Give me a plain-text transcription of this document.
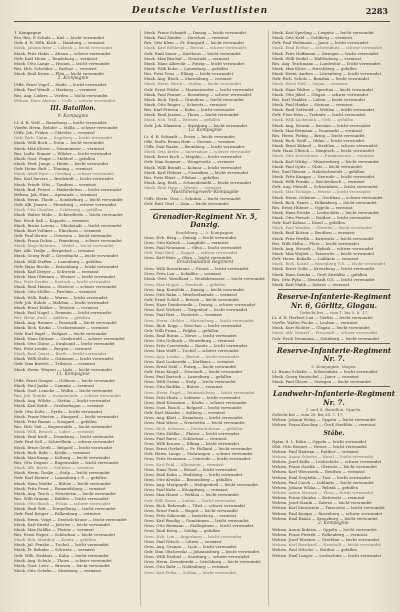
Deutsche Verlustlisten	2283
1. Kompagnie
Ers.-Res. P. Schulz — Kiel — leicht verwundet
Gefr. d. R. Wilh. Koch — Hamburg — vermisst
Musk. Johann Beer — Lübeck — leicht verwundet
Musk. Fritz Hahn — Altona — schwer verwundet
Gefr. Karl Meier — Rendsburg — vermisst
Musk. Otto Lange — Husum — leicht verwundet
Res. Hch. Schröder — Itzehoe — vermisst
Musk. Emil Kruse — Plön — leicht verwundet
2. Kompagnie
Utffz. Ernst Vogel — Stade — leicht verwundet
Musk. Paul Wendt — Harburg — vermisst
Res. Aug. Lüders — Verden — leicht verwundet
Wehrm. Hans Ahrens — Celle — schwer verwundet
III. Bataillon.
9. Kompagnie
Lt. d. R. Wolf — Ratzeburg — leicht verwundet
Vizefw. Herm. Rehder — Mölln — schwer verwundet
Utffz. Joh. Frahm — Oldesloe — vermisst
Gefr. Rich. Timm — Segeberg — leicht verwundet
Musk. Willi Bock — Eutin — leicht verwundet
Musk. Max Klüver — Neumünster — vermisst
Res. Ludw. Stamer — Wilster — leicht verwundet
Musk. Gust. Paape — Meldorf — gefallen
Musk. Ferd. Junge — Heide — leicht verwundet
Gefr. Heinr. Butt — Tönning — vermisst
Musk. Adolf Rave — Garding — schwer verwundet
Res. Karl Sievers — Bredstedt — leicht verwundet
Musk. Friedr. Witt — Tondern — vermisst
Musk. Rud. Peters — Hadersleben — leicht verwundet
Wehrm. Jak. Hinz — Apenrade — vermisst
Musk. Herm. Thode — Sonderburg — leicht verwundet
Gefr. Alb. Jensen — Flensburg — schwer verwundet
Musk. Otto Claußen — Schleswig — gefallen
Musk. Walter Mohr — Eckernförde — leicht verwundet
Res. Erich Saß — Kappeln — vermisst
Musk. Bruno Lorenz — Glückstadt — leicht verwundet
Musk. Kurt Vollmer — Elmshorn — vermisst
Gefr. Paul Struve — Uetersen — leicht verwundet
Musk. Franz Dohse — Pinneberg — schwer verwundet
Musk. Hugo Behrens — Wedel — leicht verwundet
Res. Alfr. Tiedje — Bergedorf — vermisst
Musk. Georg Wulf — Geesthacht — leicht verwundet
Musk. Willi Steffen — Lauenburg — gefallen
Gefr. Hans Riecke — Boizenburg — leicht verwundet
Musk. Karl Dreyer — Schwerin — vermisst
Musk. Max Oltmann — Wismar — leicht verwundet
Res. Fritz Gerdes — Rostock — leicht verwundet
Musk. Emil Harms — Güstrow — schwer verwundet
Musk. Otto Möller — Parchim — vermisst
Musk. Wilh. Bade — Waren — leicht verwundet
Gefr. Joh. Rohde — Malchin — leicht verwundet
Musk. Ernst Kähler — Teterow — vermisst
Musk. Paul Nagel — Demmin — leicht verwundet
Res. Heinr. Zech — Anklam — gefallen
Musk. Aug. Bremer — Pasewalk — leicht verwundet
Musk. Rich. Krohn — Ueckermünde — vermisst
Gefr. Karl Pagel — Wolgast — leicht verwundet
Musk. Hans Dittmer — Greifswald — schwer verwundet
Musk. Otto Gliese — Stralsund — leicht verwundet
Res. Fritz Lemke — Bergen — vermisst
Musk. Emil Quast — Barth — leicht verwundet
Musk. Willi Stoltz — Grimmen — leicht verwundet
Gefr. Max Bartels — Tribsees — vermisst
Musk. Herm. Wegner — Loitz — leicht verwundet
11. Kompagnie
Utffz. Ernst Gauger — Gollnow — leicht verwundet
Musk. Paul Janke — Cammin — vermisst
Musk. Gust. Lemcke — Wollin — leicht verwundet
Res. Joh. Reinke — Swinemünde — schwer verwundet
Musk. Aug. Wilcke — Stettin — leicht verwundet
Musk. Karl Boldt — Greifenhagen — vermisst
Gefr. Otto Koltz — Pyritz — leicht verwundet
Musk. Franz Marten — Stargard — leicht verwundet
Musk. Fritz Ramm — Naugard — gefallen
Res. Hch. Voß — Regenwalde — leicht verwundet
Musk. Wilh. Brüsch — Labes — vermisst
Musk. Emil Kroll — Dramburg — leicht verwundet
Gefr. Paul Sell — Schivelbein — schwer verwundet
Musk. Ernst Groth — Belgard — leicht verwundet
Musk. Rich. Bahr — Köslin — vermisst
Musk. Max Kamp — Kolberg — leicht verwundet
Res. Otto Degner — Rügenwalde — leicht verwundet
Musk. Alb. Beyer — Schlawe — vermisst
Musk. Herm. Duske — Stolp — leicht verwundet
Gefr. Karl Ziemer — Lauenburg i. P. — gefallen
Musk. Hans Mielke — Bütow — leicht verwundet
Musk. Fritz Prust — Rummelsburg — vermisst
Musk. Aug. Tesch — Neustettin — leicht verwundet
Res. Willi Gramm — Bublitz — leicht verwundet
Musk. Otto Rusch — Polzin — schwer verwundet
Musk. Emil Witt — Tempelburg — leicht verwundet
Gefr. Paul Krüger — Falkenburg — vermisst
Musk. Herm. Voigt — Deutsch-Krone — leicht verwundet
Musk. Karl Strehl — Jastrow — leicht verwundet
Musk. Max Dahlke — Flatow — vermisst
Res. Ernst Pieper — Schlochau — leicht verwundet
Musk. Rob. Manthey — Konitz — gefallen
Musk. Jul. Fenske — Tuchel — leicht verwundet
Musk. Fr. Behnke — Schwetz — vermisst
Gefr. Wilh. Raddatz — Kulm — leicht verwundet
Musk. Aug. Schulz — Thorn — schwer verwundet
Musk. Gust. Lietz — Briesen — leicht verwundet
Musk. Otto Gehrke — Strasburg — vermisst
Musk. Franz Schmidt — Danzig — leicht verwundet
Musk. Paul Zander — Dirschau — vermisst
Res. Otto Klein — Pr. Stargard — leicht verwundet
Musk. Karl Rehberg — Berent — schwer verwundet
Gefr. Emil Sauer — Karthaus — leicht verwundet
Musk. Max Bischof — Neustadt — vermisst
Musk. Hans Albrecht — Putzig — leicht verwundet
Musk. Willi Kuhn — Lauenburg — gefallen
Res. Fritz Tews — Elbing — leicht verwundet
Musk. Aug. Block — Marienburg — vermisst
Musk. Herm. Rieck — Stuhm — leicht verwundet
Gefr. Ernst Wiebe — Marienwerder — leicht verwundet
Musk. Paul Penner — Rosenberg — schwer verwundet
Musk. Rich. Dyck — Graudenz — leicht verwundet
Musk. Otto Regier — Schwetz — vermisst
Res. Karl Friesen — Kulm — leicht verwundet
Musk. Emil Janzen — Thorn — leicht verwundet
Musk. Hch. Wall — Briesen — gefallen
Gefr. Joh. Klaassen — Strasburg — leicht verwundet
12. Kompagnie
Lt. d. R. Schmidt — Posen — leicht verwundet
Offz.-Stellv. Bruno Hein — Gnesen — vermisst
Utffz. Paul Raabe — Bromberg — leicht verwundet
Musk. Otto Krebs — Inowrazlaw — schwer verwundet
Musk. Ernst Koch — Mogilno — leicht verwundet
Gefr. Max Sommer — Wongrowitz — vermisst
Musk. Willi Brandt — Kolmar — leicht verwundet
Musk. Karl Hübner — Czarnikau — leicht verwundet
Res. Fritz Ebert — Filehne — gefallen
Musk. Aug. Roth — Schneidemühl — leicht verwundet
Musk. Emil Horn — Wirsitz — vermisst
Maschinengewehr-Kompagnie
Utffz. Herm. Voss — Schubin — leicht verwundet
Gefr. Rud. Graf — Znin — leicht verwundet
Grenadier-Regiment Nr. 5, Danzig.
Rendsburg. — 5. Kompagnie.
Gren. Hch. Berg — Danzig — leicht verwundet
Gren. Otto Kalisch — Langfuhr — vermisst
Gren. Paul Neumann — Oliva — leicht verwundet
Gefr. Emil Rieß — Zoppot — schwer verwundet
Gren. Karl Matz — Ohra — leicht verwundet
Ersatzbataillon Regiment
Gren. Willi Rosenkranz — Praust — leicht verwundet
Gren. Fritz Lau — Schidlitz — vermisst
Musk. Gust. Wendland — Neufahrwasser — leicht verwundet
Gren. Max Hoppe — Heubude — gefallen
Gren. Aug. Kowalski — Danzig — leicht verwundet
Gren. Otto Rahn — Weichselmünde — vermisst
Gefr. Ernst Schöß — Brösen — leicht verwundet
Gren. Hans Dombrowski — Danzig — schwer verwundet
Gren. Karl Wichert — Tiegenhof — leicht verwundet
Gren. Paul Fast — Neuteich — vermisst
Gren. Herm. Stobbe — Marienburg — leicht verwundet
Gren. Rich. Kopp — Dirschau — leicht verwundet
Gefr. Willi Franz — Pelplin — gefallen
Gren. Emil Burau — Mewe — leicht verwundet
Gren. Otto Gollnick — Neuenburg — vermisst
Gren. Fritz Czerwinski — Konitz — leicht verwundet
Gren. Max Wolff — Tuchel — schwer verwundet
Gren. Aug. Lemke — Berent — leicht verwundet
Gren. Karl Laskowski — Karthaus — vermisst
Gren. Ernst Dahl — Putzig — leicht verwundet
Gefr. Hans Knopf — Neustadt — leicht verwundet
Gren. Paul Bartsch — Lauenburg — gefallen
Gren. Willi Grams — Stolp — leicht verwundet
Gren. Otto Radtke — Bütow — vermisst
Gren. Herm. Pagel — Rummelsburg — leicht verwundet
Gren. Fritz Hintz — Schlawe — leicht verwundet
Gren. Emil Kitzmann — Köslin — schwer verwundet
Gren. Gust. Rusch — Belgard — leicht verwundet
Gefr. Karl Manske — Kolberg — vermisst
Gren. Aug. Klatt — Dramburg — leicht verwundet
Gren. Max Wiese — Neustettin — leicht verwundet
Gren. Rich. Schwarz — Deutsch-Krone — gefallen
Gren. Otto Zühlke — Flatow — leicht verwundet
Gren. Paul Bartz — Schlochau — vermisst
Gren. Willi Krause — Elbing — leicht verwundet
Gren. Ernst Gerlach — Pr. Holland — leicht verwundet
Gefr. Herm. Lange — Mohrungen — schwer verwundet
Gren. Fritz Neumann — Osterode — leicht verwundet
Gren. Karl Pohl — Allenstein — vermisst
Gren. Hans Tietz — Rössel — leicht verwundet
Gren. Emil Kuhn — Heilsberg — leicht verwundet
Gren. Otto Kruska — Braunsberg — gefallen
Gren. Aug. Marquardt — Heiligenbeil — leicht verwundet
Gren. Paul Kuhr — Königsberg — vermisst
Gren. Max Haase — Wehlau — leicht verwundet
Gefr. Willi Rosin — Labiau — leicht verwundet
Gren. Rich. Behrendt — Tilsit — schwer verwundet
Gren. Ernst Pauls — Ragnit — leicht verwundet
Gren. Fritz Sakowski — Insterburg — vermisst
Gren. Karl Bendig — Gumbinnen — leicht verwundet
Gren. Otto Riemann — Stallupönen — leicht verwundet
Gren. Emil Krieg — Goldap — gefallen
Gren. Hch. Lux — Angerburg — leicht verwundet
Gren. Paul Nitsch — Lötzen — vermisst
Gren. Aug. Gronau — Lyck — leicht verwundet
Gefr. Max Olschewski — Johannisburg — leicht verwundet
Gren. Willi Dzubiel — Sensburg — schwer verwundet
Gren. Herm. Kowalewski — Ortelsburg — leicht verwundet
Gren. Otto Bahr — Neidenburg — vermisst
Gren. Karl Pelka — Soldau — leicht verwundet
Musk. Karl Sperling — Liegnitz — leicht verwundet
Musk. Otto Kahl — Goldberg — vermisst
Gefr. Paul Heilmann — Jauer — leicht verwundet
Musk. Emil Rother — Schweidnitz — schwer verwundet
Musk. Fritz Hoffmann — Striegau — leicht verwundet
Musk. Willi Seidel — Waldenburg — vermisst
Res. Aug. Teichmann — Landeshut — leicht verwundet
Musk. Max Klose — Hirschberg — gefallen
Musk. Herm. Anders — Löwenberg — leicht verwundet
Gefr. Rich. Scholz — Bunzlau — leicht verwundet
Musk. Ernst Pohl — Sagan — vermisst
Musk. Hans Walter — Sprottau — leicht verwundet
Musk. Otto Jäkel — Glogau — schwer verwundet
Res. Karl Winkler — Lüben — leicht verwundet
Musk. Paul Hanke — Steinau — vermisst
Musk. Emil Gottwald — Wohlau — leicht verwundet
Gefr. Fritz Hein — Trebnitz — leicht verwundet
Musk. Willi Lachmann — Oels — gefallen
Musk. Aug. Nowak — Breslau — leicht verwundet
Musk. Max Reimann — Neumarkt — vermisst
Res. Herm. Fiebig — Brieg — leicht verwundet
Musk. Rich. Weiß — Ohlau — leicht verwundet
Musk. Ernst Kühnel — Strehlen — schwer verwundet
Gefr. Hans Ulbrich — Nimptsch — leicht verwundet
Musk. Otto Kretschmer — Frankenstein — vermisst
Musk. Karl Wittig — Münsterberg — leicht verwundet
Musk. Paul Opitz — Glatz — leicht verwundet
Res. Emil Rösner — Habelschwerdt — gefallen
Musk. Fritz Knappe — Neurode — leicht verwundet
Musk. Willi Franke — Reichenbach — vermisst
Gefr. Aug. Pätzold — Schweidnitz — leicht verwundet
Musk. Max Tschöpe — Neisse — leicht verwundet
Musk. Herm. Gebauer — Grottkau — schwer verwundet
Musk. Rich. Exner — Falkenberg — leicht verwundet
Res. Ernst Hübner — Oppeln — vermisst
Musk. Hans Proske — Leobschütz — leicht verwundet
Musk. Otto Pietsch — Ratibor — leicht verwundet
Gefr. Karl Kaluza — Kosel — gefallen
Musk. Paul Wontka — Gleiwitz — leicht verwundet
Musk. Emil Kotzur — Beuthen — vermisst
Musk. Fritz Pawlik — Kattowitz — leicht verwundet
Res. Willi Skiba — Pless — leicht verwundet
Musk. Aug. Mrozek — Rybnik — schwer verwundet
Musk. Max Wojtek — Tarnowitz — leicht verwundet
Gefr. Herm. Kuballa — Lublinitz — vermisst
Musk. Rich. Koziol — Rosenberg O.S. — leicht verwundet
Musk. Ernst Golla — Kreuzburg — leicht verwundet
Musk. Hans Dziuba — Groß Strehlitz — gefallen
Res. Otto Pyka — Neustadt O.S. — leicht verwundet
Musk. Karl Malik — Zabrze — vermisst
Reserve-Infanterie-Regiment Nr. 6, Görlitz, Glogau.
Gefecht bei — vom 1. bis 5. 8. 17.
Lt. d. R. Herbert Lux — Görlitz — leicht verwundet
Vizefw. Walter Fuchs — Lauban — vermisst
Musk. Kurt Richter — Glogau — leicht verwundet
Musk. Alfr. Menzel — Freystadt — schwer verwundet
Gefr. Erich Neumann — Grünberg — leicht verwundet
Reserve-Infanterie-Regiment Nr. 7.
3. Kompagnie, Magen.
Lt. Bruno Schäfer — Schweidnitz — leicht verwundet
Musk. Georg Hentschel — Jauer — vermisst
Musk. Paul Gläser — Striegau — leicht verwundet
Landwehr-Infanterie-Regiment Nr. 7.
I. und II. Bataillon. Oppeln.
Gefecht bei — vom 25. bis 28. 7. 17.
Wehrm. Johann Wolny — Oppeln — leicht verwundet
Wehrm. Franz Kaschny — Groß Strehlitz — vermisst
Stäbe.
Hptm. d. L. Kühn — Oppeln — leicht verwundet
Oblt. Otto Renner — Neisse — leicht verwundet
Wehrm. Paul Hadrian — Ratibor — vermisst
Wehrm. Anton Sobotta — Kosel — leicht verwundet
Wehrm. Josef Kulla — Leobschütz — schwer verwundet
Wehrm. Franz Gawlik — Gleiwitz — leicht verwundet
Wehrm. Karl Wieczorek — Beuthen — vermisst
Wehrm. Emil Przybilla — Tost — leicht verwundet
Wehrm. Paul Czech — Lublinitz — leicht verwundet
Wehrm. Johann Wloka — Rybnik — gefallen
Wehrm. Anton Nowara — Pless — leicht verwundet
Wehrm. Franz Mainka — Kattowitz — vermisst
Wehrm. Josef Stanik — Zabrze — leicht verwundet
Wehrm. Karl Morawietz — Tarnowitz — leicht verwundet
Wehrm. Paul Kempa — Rosenberg — schwer verwundet
Wehrm. Emil Bialas — Kreuzburg — leicht verwundet
2. Kompagnie.
Wehrm. Anton Kubitza — Oppeln — leicht verwundet
Wehrm. Franz Pietrek — Falkenberg — vermisst
Wehrm. Josef Wiesner — Grottkau — leicht verwundet
Wehrm. Karl Bernhard — Neustadt — leicht verwundet
Wehrm. Paul Nitsche — Ratibor — gefallen
Wehrm. Emil Langer — Leobschütz — leicht verwundet
